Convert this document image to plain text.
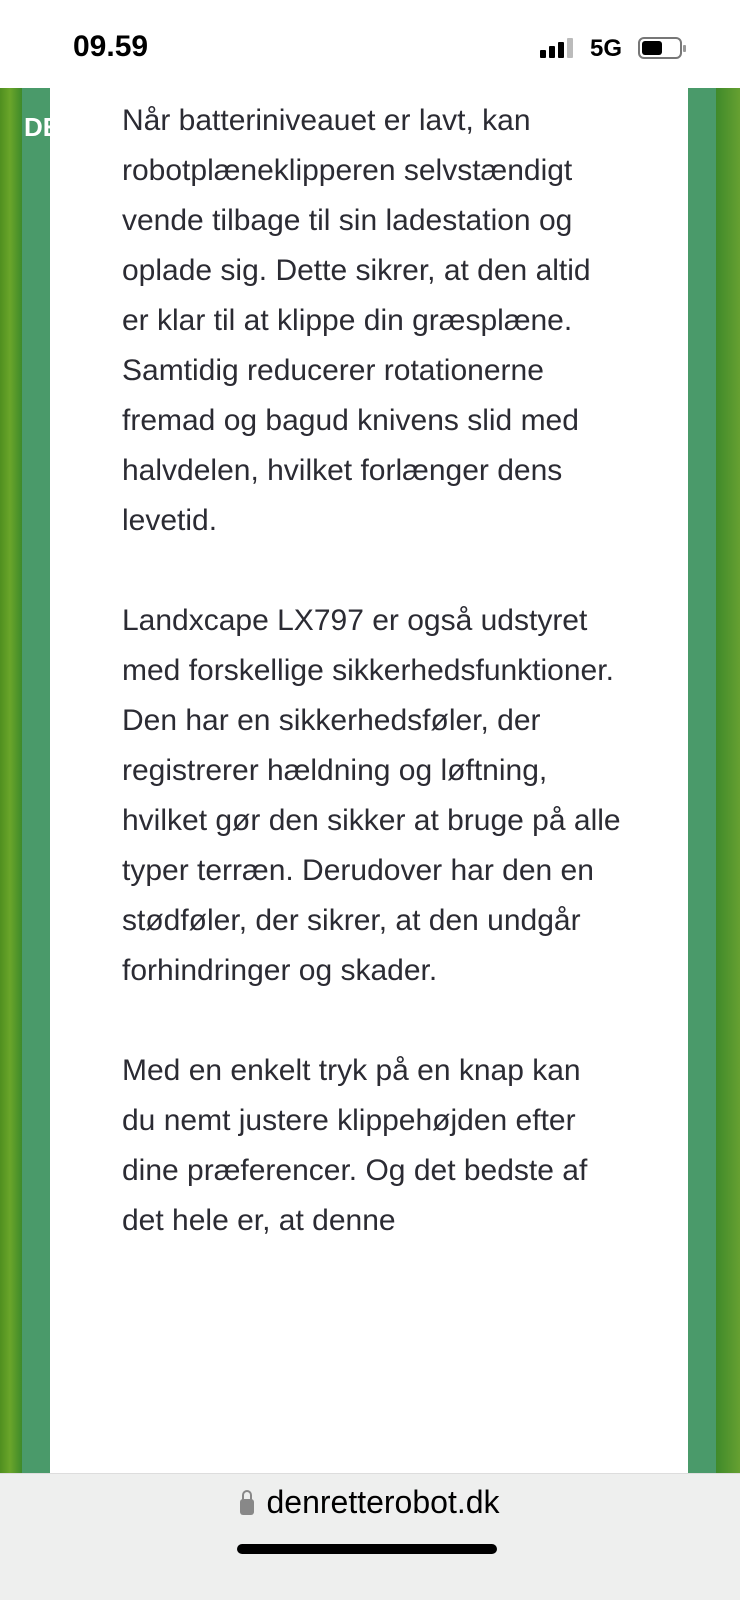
09.59	5G
DE Når batteriniveauet er lavt, kan robotplæneklipperen selvstændigt vende tilbage til sin ladestation og oplade sig. Dette sikrer, at den altid er klar til at klippe din græsplæne. Samtidig reducerer rotationerne fremad og bagud knivens slid med halvdelen, hvilket forlænger dens levetid.

Landxcape LX797 er også udstyret med forskellige sikkerhedsfunktioner. Den har en sikkerhedsføler, der registrerer hældning og løftning, hvilket gør den sikker at bruge på alle typer terræn. Derudover har den en stødføler, der sikrer, at den undgår forhindringer og skader.

Med en enkelt tryk på en knap kan du nemt justere klippehøjden efter dine præferencer. Og det bedste af det hele er, at denne

denretterobot.dk
